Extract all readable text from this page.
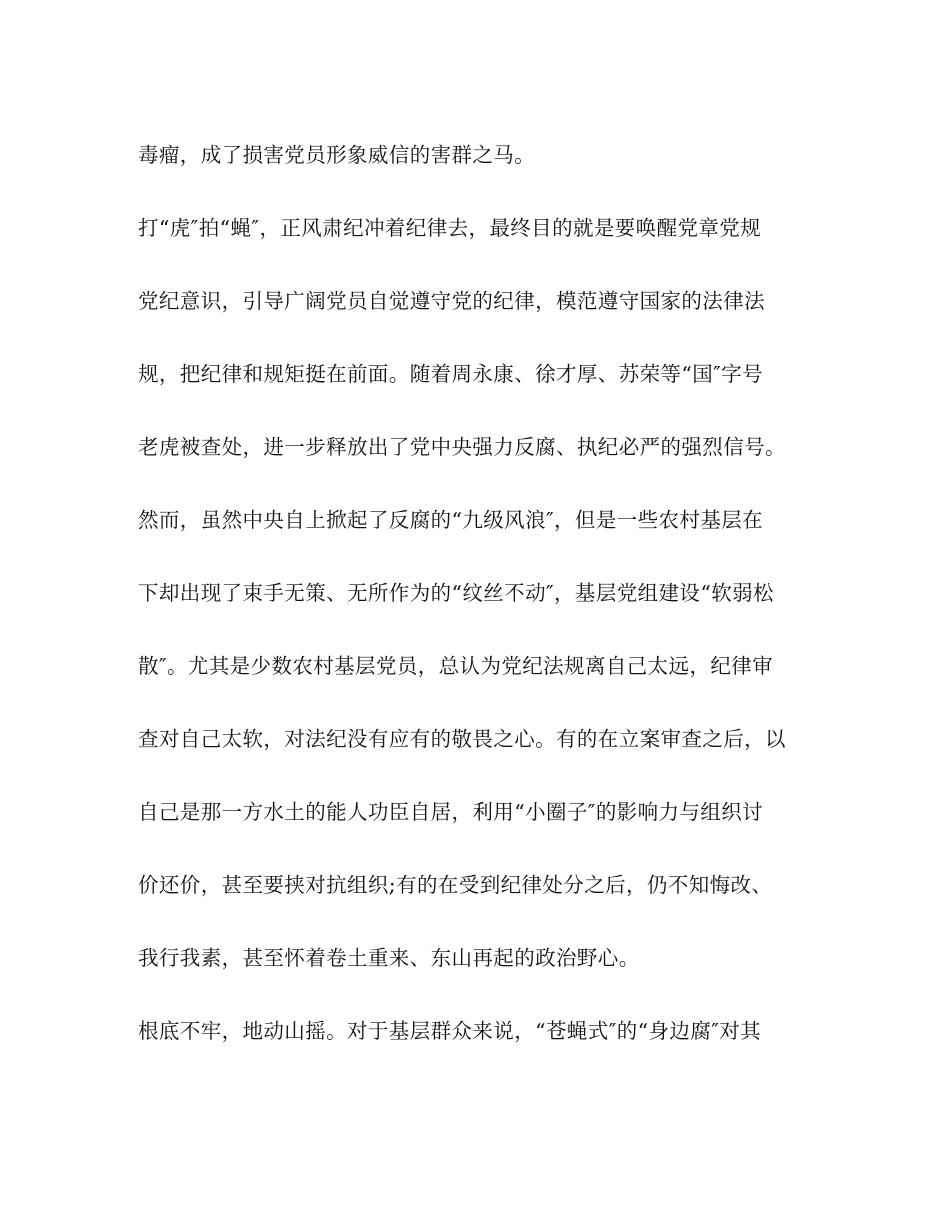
毒瘤，成了损害党员形象威信的害群之马。
打“虎″拍“蝇″，正风肃纪冲着纪律去，最终目的就是要唤醒党章党规
党纪意识，引导广阔党员自觉遵守党的纪律，模范遵守国家的法律法
规，把纪律和规矩挺在前面。随着周永康、徐才厚、苏荣等“国″字号
老虎被查处，进一步释放出了党中央强力反腐、执纪必严的强烈信号。
然而，虽然中央自上掀起了反腐的“九级风浪″，但是一些农村基层在
下却出现了束手无策、无所作为的“纹丝不动″，基层党组建设“软弱松
散″。尤其是少数农村基层党员，总认为党纪法规离自己太远，纪律审
查对自己太软，对法纪没有应有的敬畏之心。有的在立案审查之后，以
自己是那一方水土的能人功臣自居，利用“小圈子″的影响力与组织讨
价还价，甚至要挟对抗组织;有的在受到纪律处分之后，仍不知悔改、
我行我素，甚至怀着卷土重来、东山再起的政治野心。
根底不牢，地动山摇。对于基层群众来说，“苍蝇式″的“身边腐″对其
